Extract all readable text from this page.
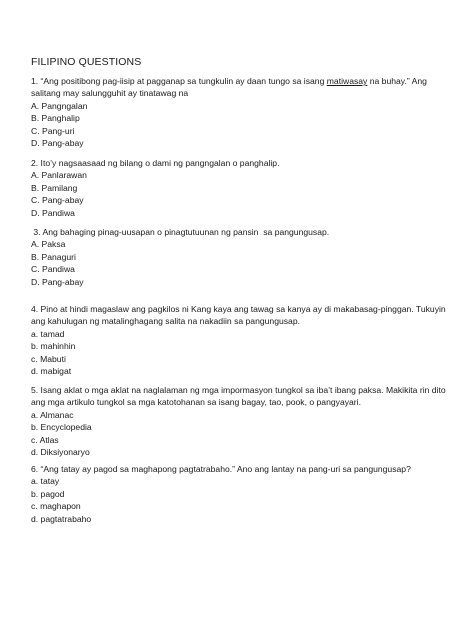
FILIPINO QUESTIONS

1. “Ang positibong pag-iisip at pagganap sa tungkulin ay daan tungo sa isang matiwasay na buhay.” Ang salitang may salungguhit ay tinatawag na

A. Pangngalan
B. Panghalip
C. Pang-uri
D. Pang-abay

2. Ito’y nagsaasaad ng bilang o dami ng pangngalan o panghalip.

A. Panlarawan
B. Pamilang
C. Pang-abay
D. Pandiwa

3. Ang bahaging pinag-uusapan o pinagtutuunan ng pansin  sa pangungusap.

A. Paksa
B. Panaguri
C. Pandiwa
D. Pang-abay

4. Pino at hindi magaslaw ang pagkilos ni Kang kaya ang tawag sa kanya ay di makabasag-pinggan. Tukuyin ang kahulugan ng matalinghagang salita na nakadiin sa pangungusap.

a. tamad
b. mahinhin
c. Mabuti
d. mabigat

5. Isang aklat o mga aklat na naglalaman ng mga impormasyon tungkol sa iba’t ibang paksa. Makikita rin dito ang mga artikulo tungkol sa mga katotohanan sa isang bagay, tao, pook, o pangyayari.

a. Almanac
b. Encyclopedia
c. Atlas
d. Diksiyonaryo

6. “Ang tatay ay pagod sa maghapong pagtatrabaho.” Ano ang lantay na pang-uri sa pangungusap?

a. tatay
b. pagod
c. maghapon
d. pagtatrabaho
